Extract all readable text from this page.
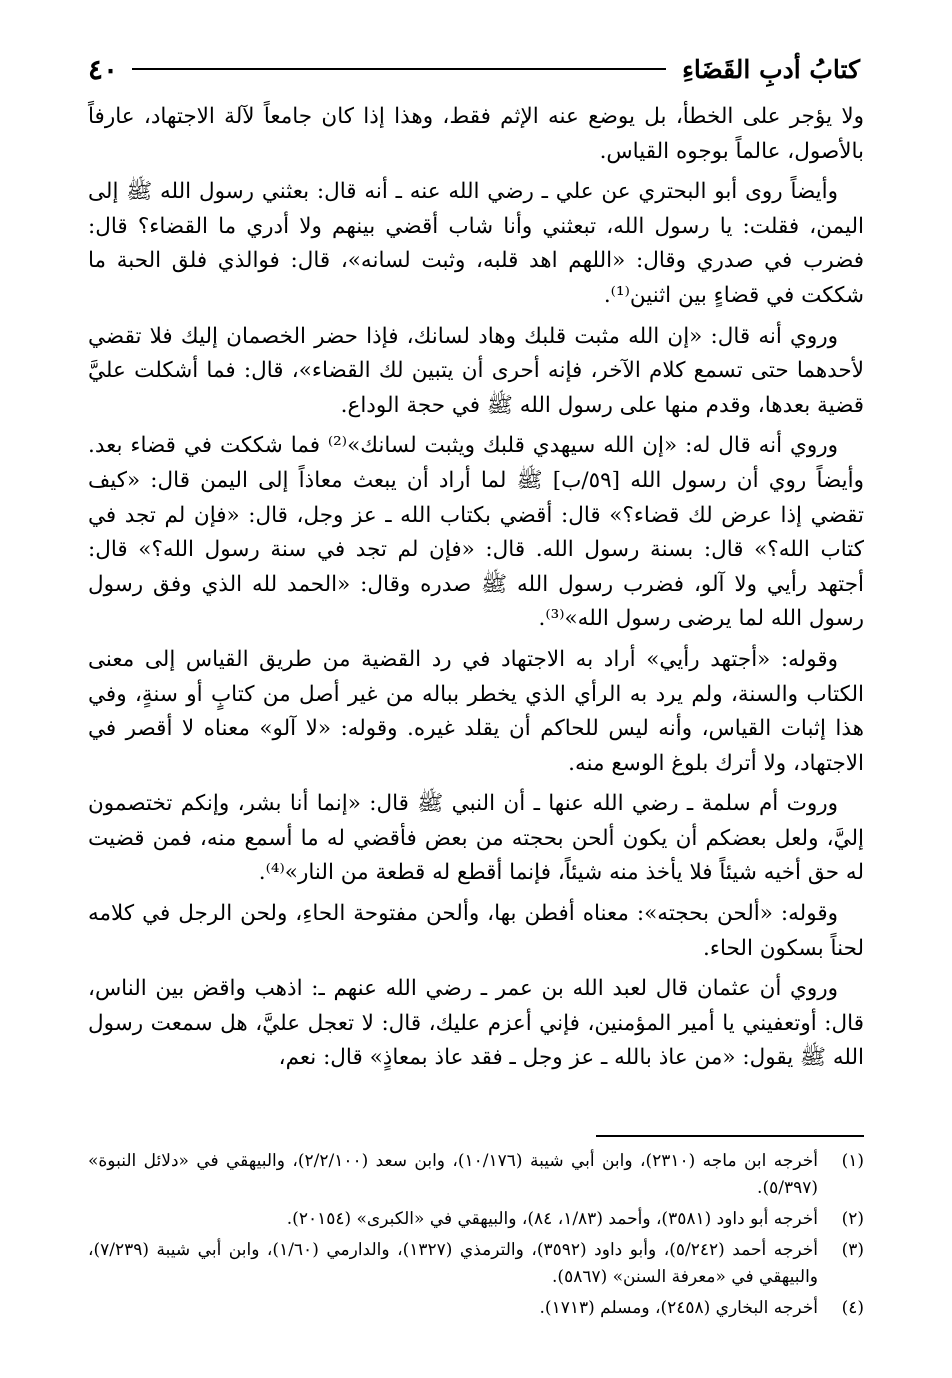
كتابُ أدبِ القَضَاءِ
٤٠

ولا يؤجر على الخطأ، بل يوضع عنه الإثم فقط، وهذا إذا كان جامعاً لآلة الاجتهاد، عارفاً بالأصول، عالماً بوجوه القياس.

وأيضاً روى أبو البحتري عن علي ـ رضي الله عنه ـ أنه قال: بعثني رسول الله ﷺ إلى اليمن، فقلت: يا رسول الله، تبعثني وأنا شاب أقضي بينهم ولا أدري ما القضاء؟ قال: فضرب في صدري وقال: «اللهم اهد قلبه، وثبت لسانه»، قال: فوالذي فلق الحبة ما شككت في قضاءٍ بين اثنين⁽¹⁾.

وروي أنه قال: «إن الله مثبت قلبك وهاد لسانك، فإذا حضر الخصمان إليك فلا تقضي لأحدهما حتى تسمع كلام الآخر، فإنه أحرى أن يتبين لك القضاء»، قال: فما أشكلت عليَّ قضية بعدها، وقدم منها على رسول الله ﷺ في حجة الوداع.

وروي أنه قال له: «إن الله سيهدي قلبك ويثبت لسانك»⁽²⁾ فما شككت في قضاء بعد. وأيضاً روي أن رسول الله [٥٩/ب] ﷺ لما أراد أن يبعث معاذاً إلى اليمن قال: «كيف تقضي إذا عرض لك قضاء؟» قال: أقضي بكتاب الله ـ عز وجل، قال: «فإن لم تجد في كتاب الله؟» قال: بسنة رسول الله. قال: «فإن لم تجد في سنة رسول الله؟» قال: أجتهد رأيي ولا آلو، فضرب رسول الله ﷺ صدره وقال: «الحمد لله الذي وفق رسول رسول الله لما يرضى رسول الله»⁽³⁾.

وقوله: «أجتهد رأيي» أراد به الاجتهاد في رد القضية من طريق القياس إلى معنى الكتاب والسنة، ولم يرد به الرأي الذي يخطر بباله من غير أصل من كتابٍ أو سنةٍ، وفي هذا إثبات القياس، وأنه ليس للحاكم أن يقلد غيره. وقوله: «لا آلو» معناه لا أقصر في الاجتهاد، ولا أترك بلوغ الوسع منه.

وروت أم سلمة ـ رضي الله عنها ـ أن النبي ﷺ قال: «إنما أنا بشر، وإنكم تختصمون إليَّ، ولعل بعضكم أن يكون ألحن بحجته من بعض فأقضي له ما أسمع منه، فمن قضيت له حق أخيه شيئاً فلا يأخذ منه شيئاً، فإنما أقطع له قطعة من النار»⁽⁴⁾.

وقوله: «ألحن بحجته»: معناه أفطن بها، وألحن مفتوحة الحاءِ، ولحن الرجل في كلامه لحناً بسكون الحاء.

وروي أن عثمان قال لعبد الله بن عمر ـ رضي الله عنهم ـ: اذهب واقض بين الناس، قال: أوتعفيني يا أمير المؤمنين، فإني أعزم عليك، قال: لا تعجل عليَّ، هل سمعت رسول الله ﷺ يقول: «من عاذ بالله ـ عز وجل ـ فقد عاذ بمعاذٍ» قال: نعم،

(١)
أخرجه ابن ماجه (٢٣١٠)، وابن أبي شيبة (١٠/١٧٦)، وابن سعد (٢/٢/١٠٠)، والبيهقي في «دلائل النبوة» (٥/٣٩٧).
(٢)
أخرجه أبو داود (٣٥٨١)، وأحمد (١/٨٣، ٨٤)، والبيهقي في «الكبرى» (٢٠١٥٤).
(٣)
أخرجه أحمد (٥/٢٤٢)، وأبو داود (٣٥٩٢)، والترمذي (١٣٢٧)، والدارمي (١/٦٠)، وابن أبي شيبة (٧/٢٣٩)، والبيهقي في «معرفة السنن» (٥٨٦٧).
(٤)
أخرجه البخاري (٢٤٥٨)، ومسلم (١٧١٣).
